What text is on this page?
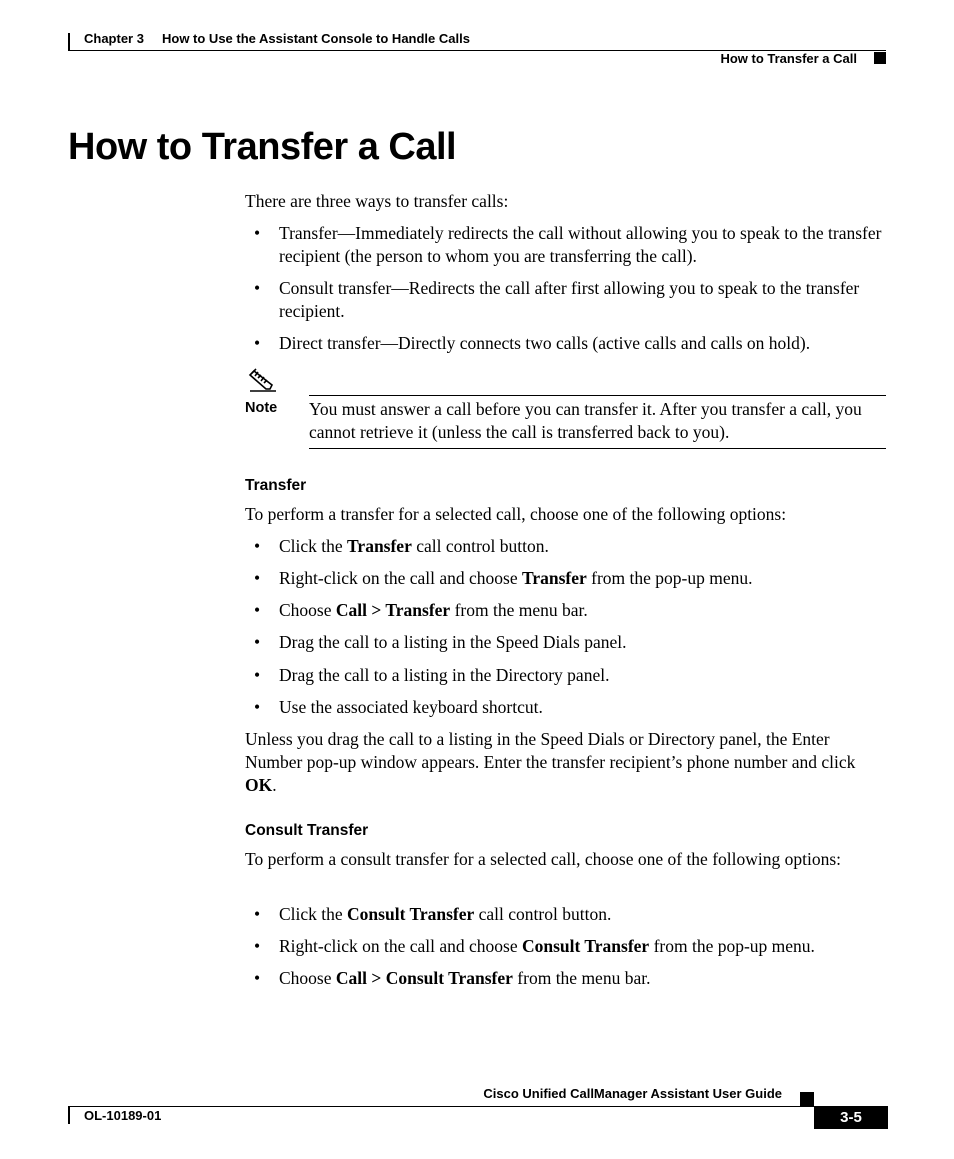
Chapter 3 How to Use the Assistant Console to Handle Calls
How to Transfer a Call
How to Transfer a Call
There are three ways to transfer calls:
• Transfer—Immediately redirects the call without allowing you to speak to the transfer recipient (the person to whom you are transferring the call).
• Consult transfer—Redirects the call after first allowing you to speak to the transfer recipient.
• Direct transfer—Directly connects two calls (active calls and calls on hold).
Note You must answer a call before you can transfer it. After you transfer a call, you cannot retrieve it (unless the call is transferred back to you).
Transfer
To perform a transfer for a selected call, choose one of the following options:
• Click the Transfer call control button.
• Right-click on the call and choose Transfer from the pop-up menu.
• Choose Call > Transfer from the menu bar.
• Drag the call to a listing in the Speed Dials panel.
• Drag the call to a listing in the Directory panel.
• Use the associated keyboard shortcut.
Unless you drag the call to a listing in the Speed Dials or Directory panel, the Enter Number pop-up window appears. Enter the transfer recipient’s phone number and click OK.
Consult Transfer
To perform a consult transfer for a selected call, choose one of the following options:
• Click the Consult Transfer call control button.
• Right-click on the call and choose Consult Transfer from the pop-up menu.
• Choose Call > Consult Transfer from the menu bar.
Cisco Unified CallManager Assistant User Guide
OL-10189-01	3-5
